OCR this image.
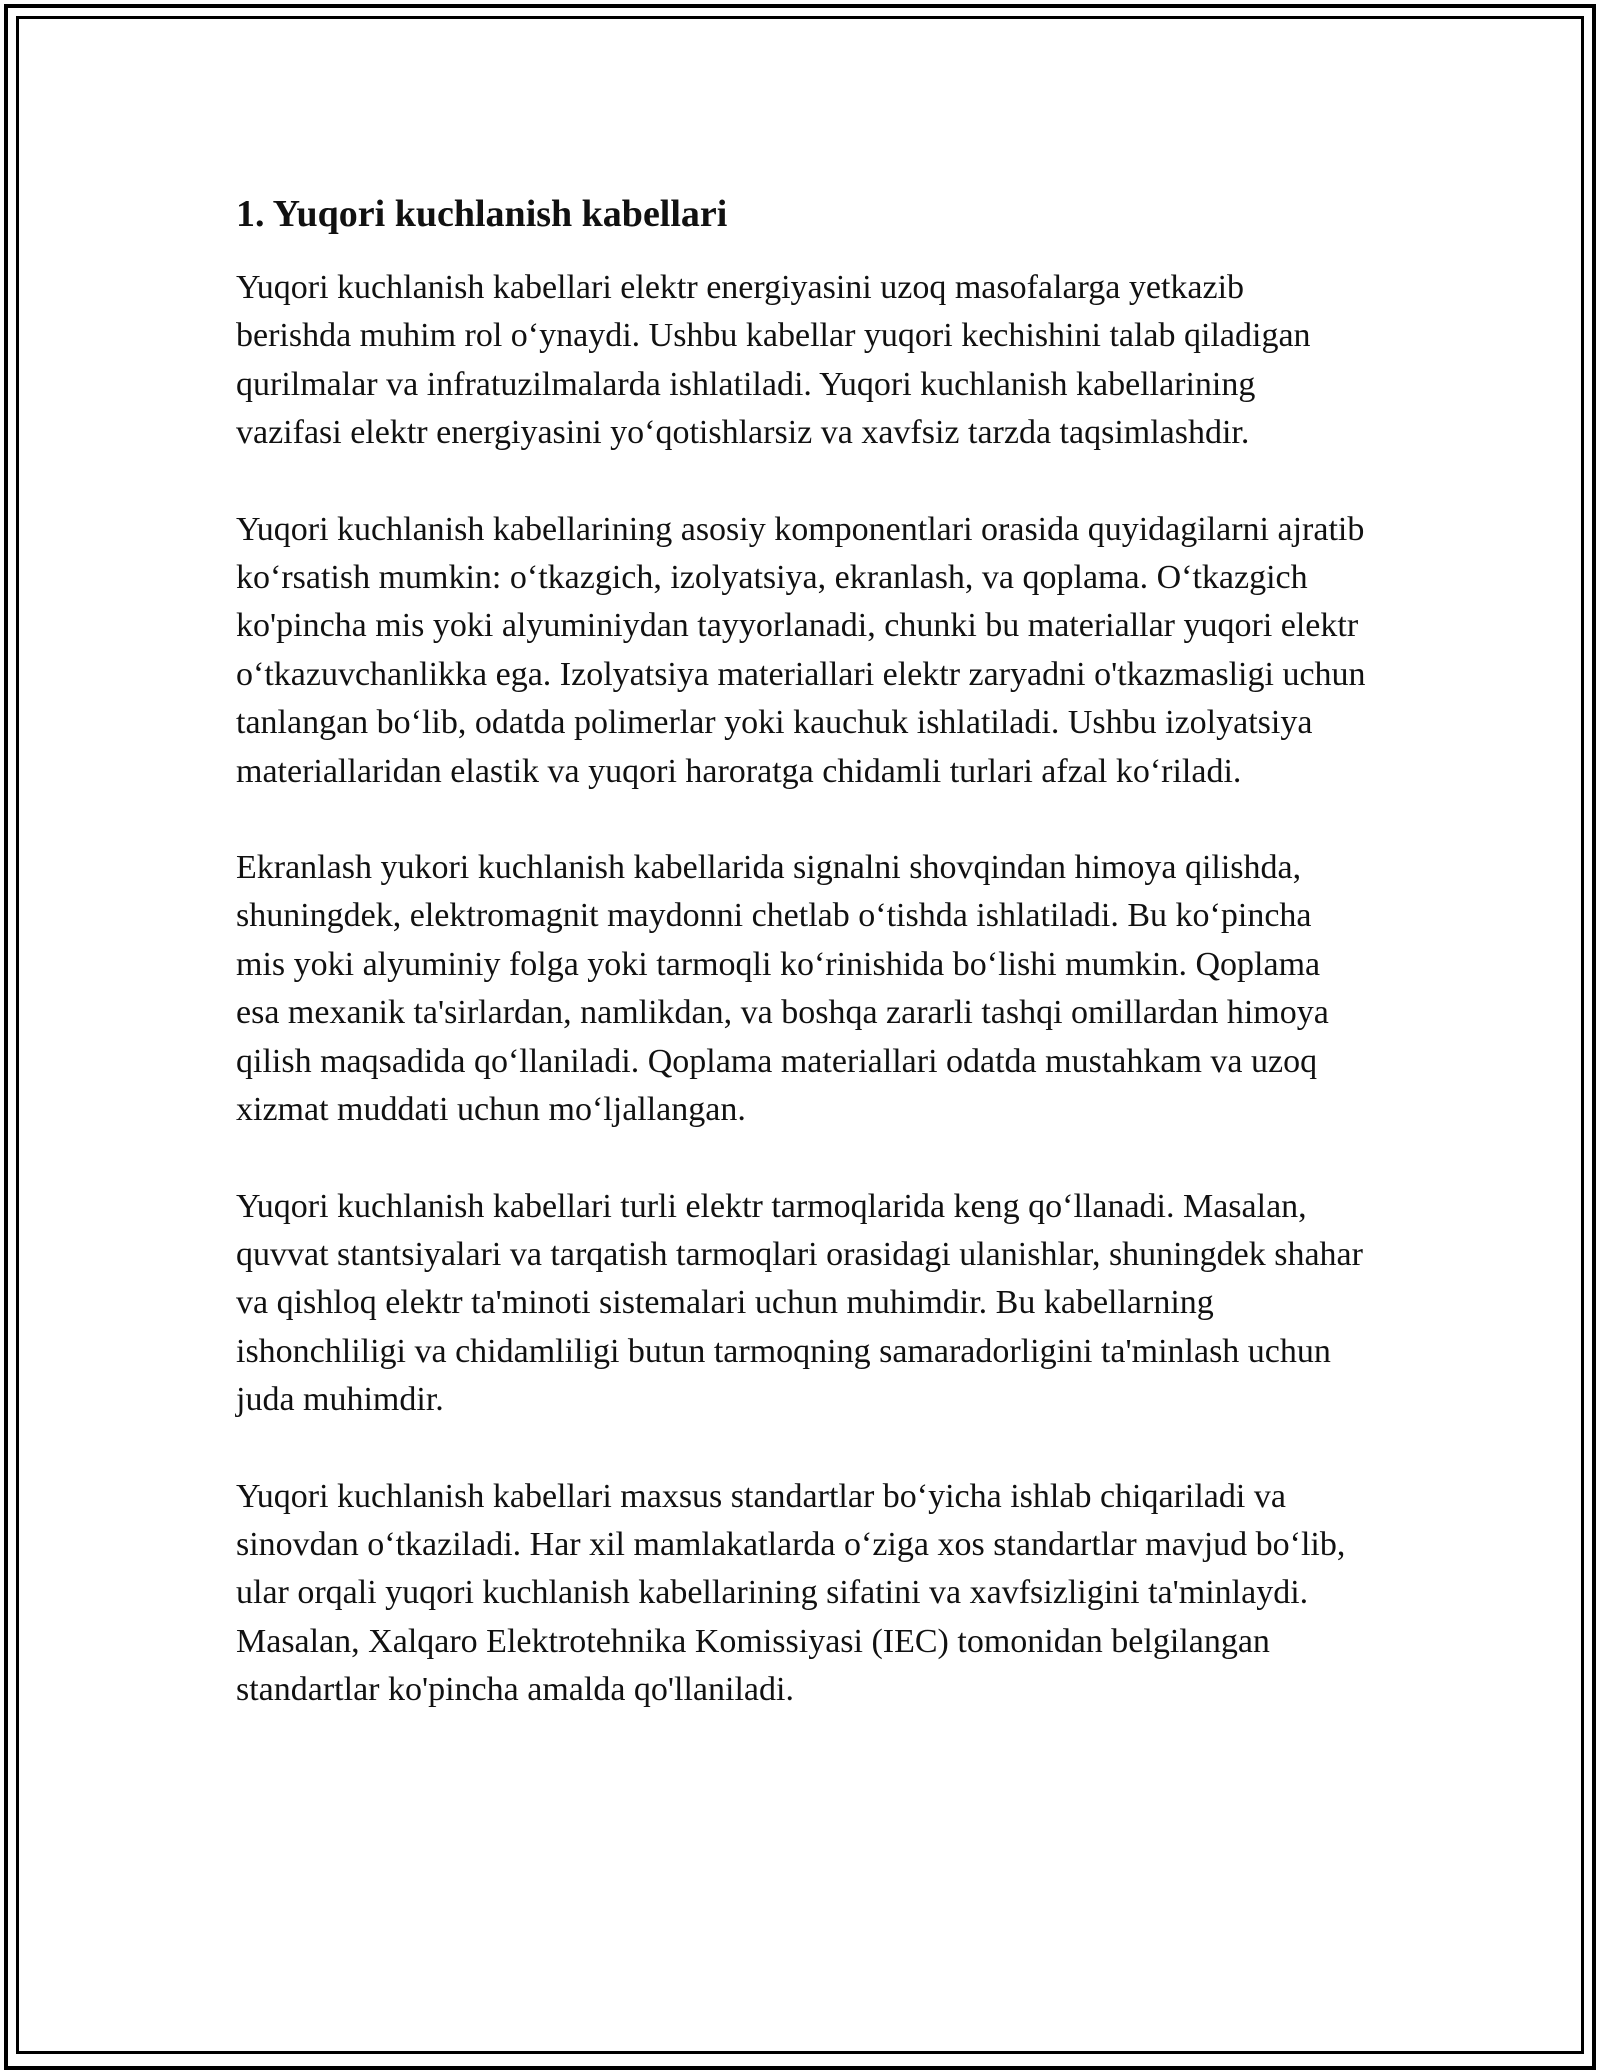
1. Yuqori kuchlanish kabellari

Yuqori kuchlanish kabellari elektr energiyasini uzoq masofalarga yetkazib berishda muhim rol o‘ynaydi. Ushbu kabellar yuqori kechishini talab qiladigan qurilmalar va infratuzilmalarda ishlatiladi. Yuqori kuchlanish kabellarining vazifasi elektr energiyasini yo‘qotishlarsiz va xavfsiz tarzda taqsimlashdir.

Yuqori kuchlanish kabellarining asosiy komponentlari orasida quyidagilarni ajratib ko‘rsatish mumkin: o‘tkazgich, izolyatsiya, ekranlash, va qoplama. O‘tkazgich ko'pincha mis yoki alyuminiydan tayyorlanadi, chunki bu materiallar yuqori elektr o‘tkazuvchanlikka ega. Izolyatsiya materiallari elektr zaryadni o'tkazmasligi uchun tanlangan bo‘lib, odatda polimerlar yoki kauchuk ishlatiladi. Ushbu izolyatsiya materiallaridan elastik va yuqori haroratga chidamli turlari afzal ko‘riladi.

Ekranlash yukori kuchlanish kabellarida signalni shovqindan himoya qilishda, shuningdek, elektromagnit maydonni chetlab o‘tishda ishlatiladi. Bu ko‘pincha mis yoki alyuminiy folga yoki tarmoqli ko‘rinishida bo‘lishi mumkin. Qoplama esa mexanik ta'sirlardan, namlikdan, va boshqa zararli tashqi omillardan himoya qilish maqsadida qo‘llaniladi. Qoplama materiallari odatda mustahkam va uzoq xizmat muddati uchun mo‘ljallangan.

Yuqori kuchlanish kabellari turli elektr tarmoqlarida keng qo‘llanadi. Masalan, quvvat stantsiyalari va tarqatish tarmoqlari orasidagi ulanishlar, shuningdek shahar va qishloq elektr ta'minoti sistemalari uchun muhimdir. Bu kabellarning ishonchliligi va chidamliligi butun tarmoqning samaradorligini ta'minlash uchun juda muhimdir.

Yuqori kuchlanish kabellari maxsus standartlar bo‘yicha ishlab chiqariladi va sinovdan o‘tkaziladi. Har xil mamlakatlarda o‘ziga xos standartlar mavjud bo‘lib, ular orqali yuqori kuchlanish kabellarining sifatini va xavfsizligini ta'minlaydi. Masalan, Xalqaro Elektrotehnika Komissiyasi (IEC) tomonidan belgilangan standartlar ko'pincha amalda qo'llaniladi.
